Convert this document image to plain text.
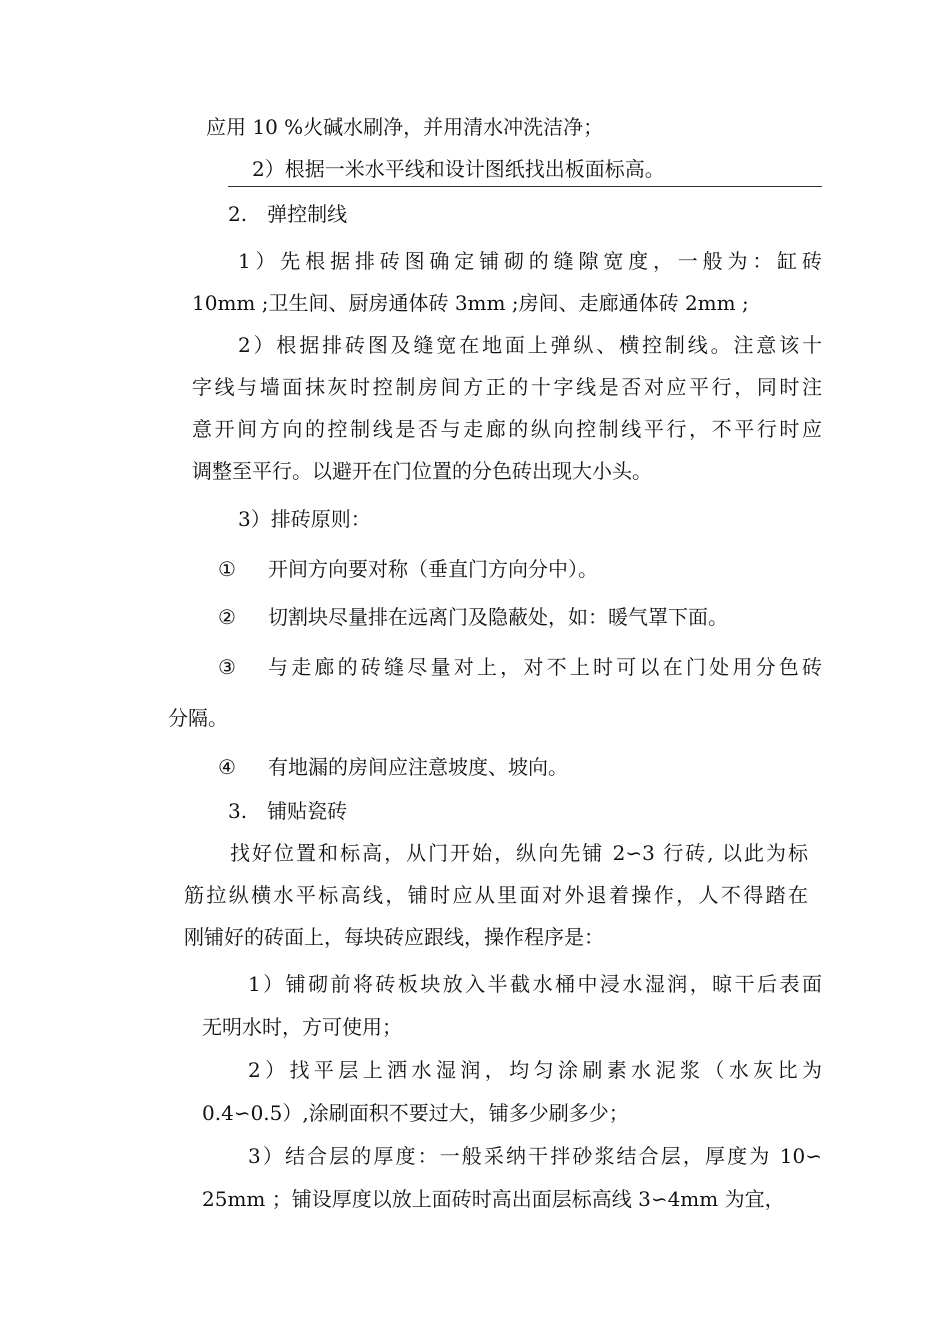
应用 10 %火碱水刷净，并用清水冲洗洁净；

2）根据一米水平线和设计图纸找出板面标高。

2.　弹控制线

1）先根据排砖图确定铺砌的缝隙宽度，一般为：缸砖

10mm ;卫生间、厨房通体砖 3mm ;房间、走廊通体砖 2mm ;

2）根据排砖图及缝宽在地面上弹纵、横控制线。注意该十

字线与墙面抹灰时控制房间方正的十字线是否对应平行，同时注

意开间方向的控制线是否与走廊的纵向控制线平行，不平行时应

调整至平行。以避开在门位置的分色砖出现大小头。

3）排砖原则：

① 开间方向要对称（垂直门方向分中）。

② 切割块尽量排在远离门及隐蔽处，如：暖气罩下面。

③ 与走廊的砖缝尽量对上，对不上时可以在门处用分色砖

分隔。

④ 有地漏的房间应注意坡度、坡向。

3.　铺贴瓷砖

找好位置和标高，从门开始，纵向先铺 2∽3 行砖, 以此为标

筋拉纵横水平标高线，铺时应从里面对外退着操作，人不得踏在

刚铺好的砖面上，每块砖应跟线，操作程序是：

1）铺砌前将砖板块放入半截水桶中浸水湿润，晾干后表面

无明水时，方可使用；

2）找平层上洒水湿润，均匀涂刷素水泥浆（水灰比为

0.4∽0.5）,涂刷面积不要过大，铺多少刷多少；

3）结合层的厚度：一般采纳干拌砂浆结合层，厚度为 10∽

25mm ；铺设厚度以放上面砖时高出面层标高线 3∽4mm 为宜，
